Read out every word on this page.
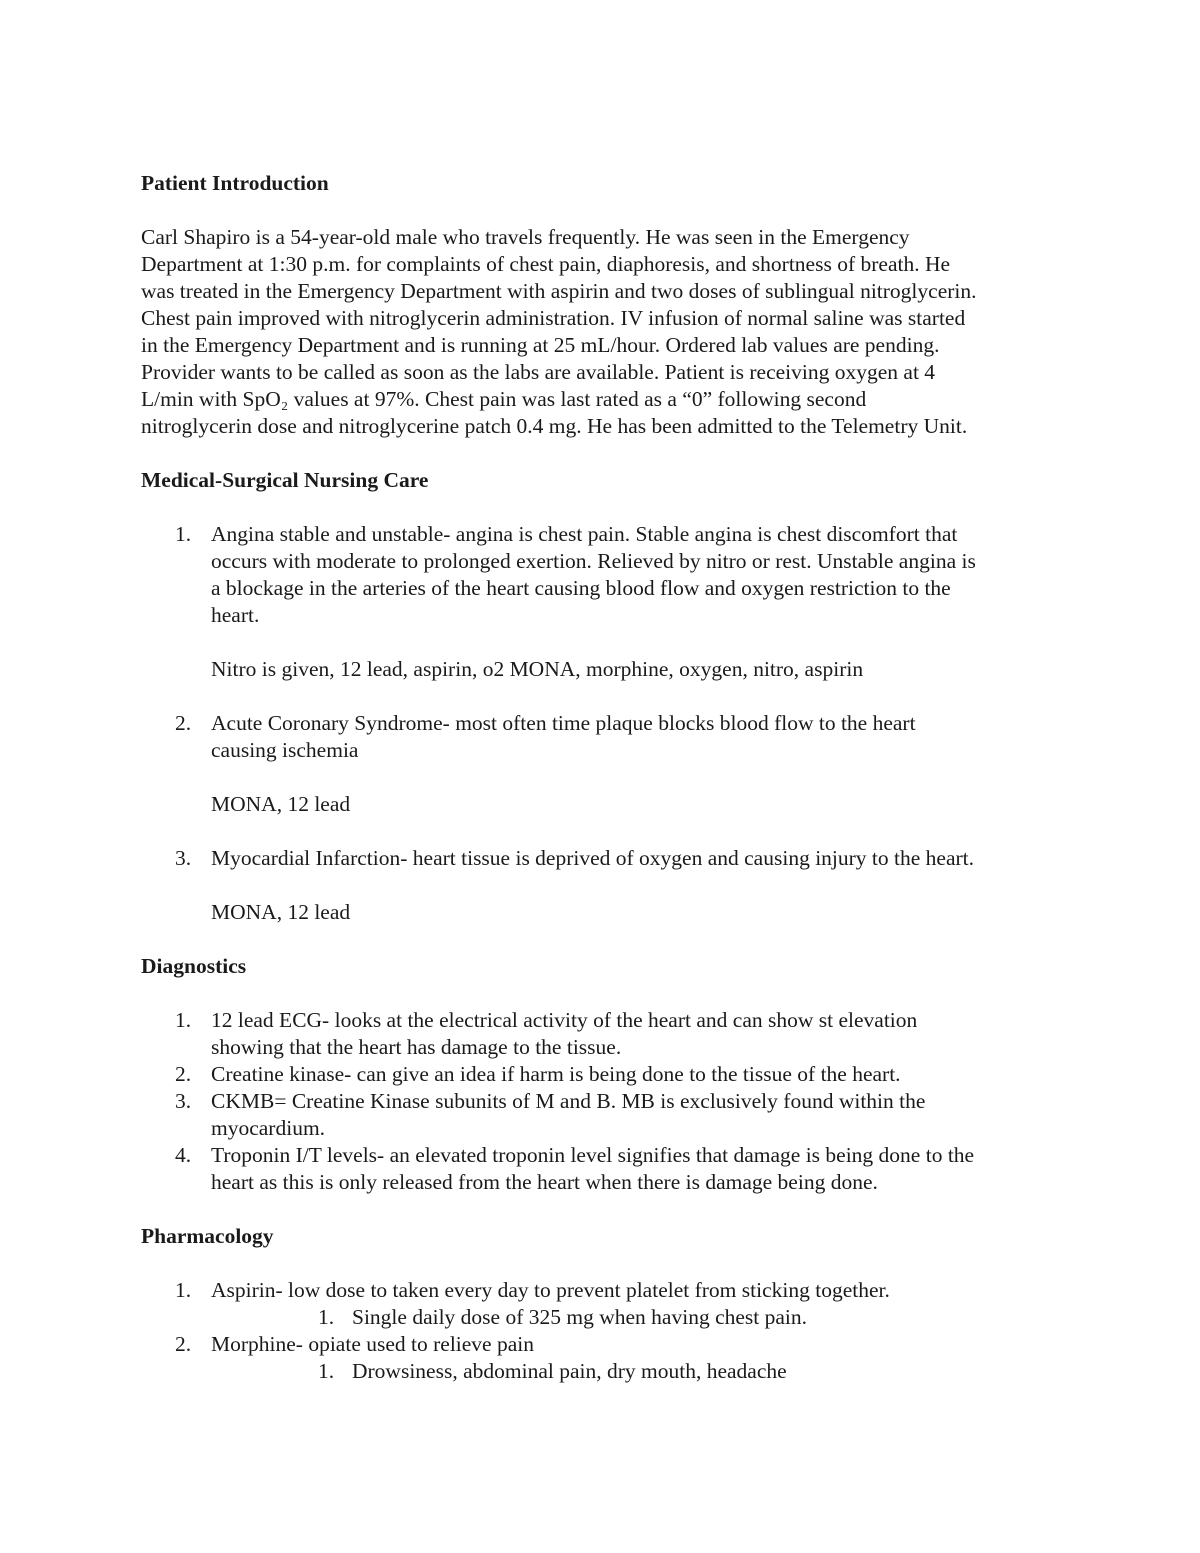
Patient Introduction

Carl Shapiro is a 54-year-old male who travels frequently. He was seen in the Emergency
Department at 1:30 p.m. for complaints of chest pain, diaphoresis, and shortness of breath. He
was treated in the Emergency Department with aspirin and two doses of sublingual nitroglycerin.
Chest pain improved with nitroglycerin administration. IV infusion of normal saline was started
in the Emergency Department and is running at 25 mL/hour. Ordered lab values are pending.
Provider wants to be called as soon as the labs are available. Patient is receiving oxygen at 4
L/min with SpO₂ values at 97%. Chest pain was last rated as a “0” following second
nitroglycerin dose and nitroglycerine patch 0.4 mg. He has been admitted to the Telemetry Unit.

Medical-Surgical Nursing Care
1. Angina stable and unstable- angina is chest pain. Stable angina is chest discomfort that
occurs with moderate to prolonged exertion. Relieved by nitro or rest. Unstable angina is
a blockage in the arteries of the heart causing blood flow and oxygen restriction to the
heart.
Nitro is given, 12 lead, aspirin, o2 MONA, morphine, oxygen, nitro, aspirin
2. Acute Coronary Syndrome- most often time plaque blocks blood flow to the heart
causing ischemia
MONA, 12 lead
3. Myocardial Infarction- heart tissue is deprived of oxygen and causing injury to the heart.
MONA, 12 lead
Diagnostics
1. 12 lead ECG- looks at the electrical activity of the heart and can show st elevation
showing that the heart has damage to the tissue.
2. Creatine kinase- can give an idea if harm is being done to the tissue of the heart.
3. CKMB= Creatine Kinase subunits of M and B. MB is exclusively found within the
myocardium.
4. Troponin I/T levels- an elevated troponin level signifies that damage is being done to the
heart as this is only released from the heart when there is damage being done.
Pharmacology
1. Aspirin- low dose to taken every day to prevent platelet from sticking together.
1. Single daily dose of 325 mg when having chest pain.
2. Morphine- opiate used to relieve pain
1. Drowsiness, abdominal pain, dry mouth, headache
